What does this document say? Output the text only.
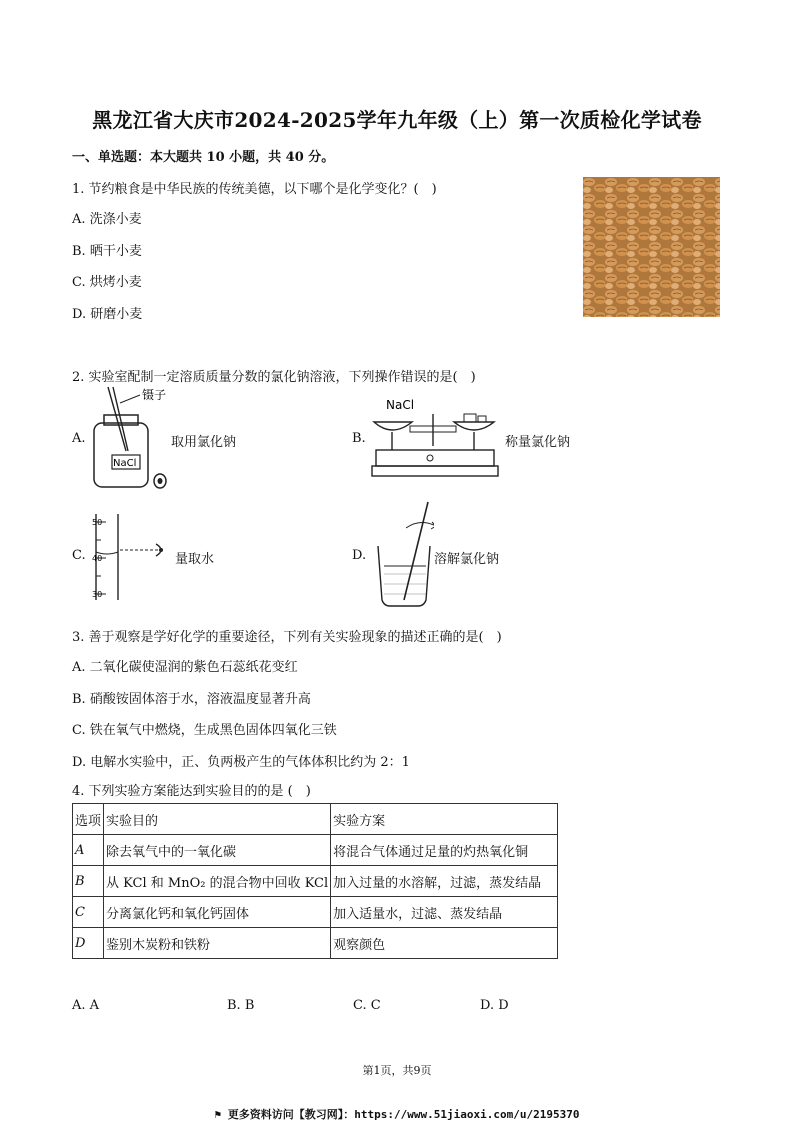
黑龙江省大庆市2024-2025学年九年级（上）第一次质检化学试卷
一、单选题：本大题共 10 小题，共 40 分。
1. 节约粮食是中华民族的传统美德，以下哪个是化学变化？(　)
A. 洗涤小麦
B. 晒干小麦
C. 烘烤小麦
D. 研磨小麦
2. 实验室配制一定溶质质量分数的氯化钠溶液，下列操作错误的是(　)
A.
NaCl
镊子
取用氯化钠	B.
NaCl
称量氯化钠
C.
50
40
30
量取水	D.	溶解氯化钠
3. 善于观察是学好化学的重要途径，下列有关实验现象的描述正确的是(　)
A. 二氧化碳使湿润的紫色石蕊纸花变红
B. 硝酸铵固体溶于水，溶液温度显著升高
C. 铁在氧气中燃烧，生成黑色固体四氧化三铁
D. 电解水实验中，正、负两极产生的气体体积比约为 2：1
4. 下列实验方案能达到实验目的的是 (　)
选项	实验目的	实验方案
A	除去氧气中的一氧化碳	将混合气体通过足量的灼热氧化铜
B	从 KCl 和 MnO₂ 的混合物中回收 KCl	加入过量的水溶解，过滤，蒸发结晶
C	分离氯化钙和氧化钙固体	加入适量水，过滤、蒸发结晶
D	鉴别木炭粉和铁粉	观察颜色
A. A	B. B	C. C	D. D
第1页，共9页
⚑ 更多资料访问【教习网】：https://www.51jiaoxi.com/u/2195370
